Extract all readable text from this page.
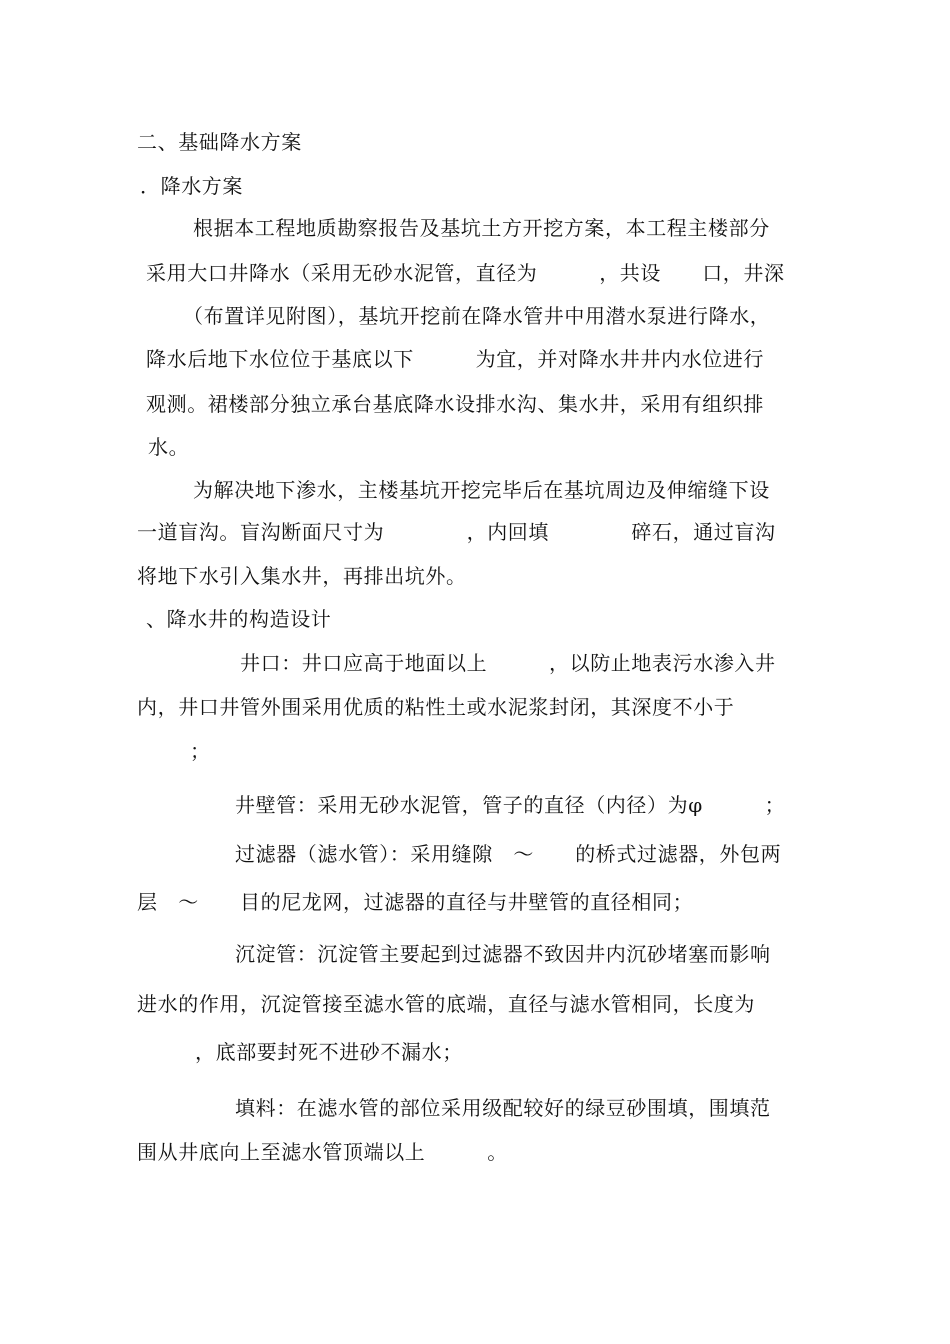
二、基础降水方案

．降水方案

根据本工程地质勘察报告及基坑土方开挖方案，本工程主楼部分

采用大口井降水（采用无砂水泥管，直径为　　　，共设　　口，井深

（布置详见附图），基坑开挖前在降水管井中用潜水泵进行降水，

降水后地下水位位于基底以下　　　为宜，并对降水井井内水位进行

观测。裙楼部分独立承台基底降水设排水沟、集水井，采用有组织排

水。

为解决地下渗水，主楼基坑开挖完毕后在基坑周边及伸缩缝下设

一道盲沟。盲沟断面尺寸为　　　　，内回填　　　　碎石，通过盲沟

将地下水引入集水井，再排出坑外。

、降水井的构造设计

井口：井口应高于地面以上　　　，以防止地表污水渗入井

内，井口井管外围采用优质的粘性土或水泥浆封闭，其深度不小于

；

井壁管：采用无砂水泥管，管子的直径（内径）为φ　　　；

过滤器（滤水管）：采用缝隙　～　　的桥式过滤器，外包两

层　～　　目的尼龙网，过滤器的直径与井壁管的直径相同；

沉淀管：沉淀管主要起到过滤器不致因井内沉砂堵塞而影响

进水的作用，沉淀管接至滤水管的底端，直径与滤水管相同，长度为

，底部要封死不进砂不漏水；

填料：在滤水管的部位采用级配较好的绿豆砂围填，围填范

围从井底向上至滤水管顶端以上　　　。
